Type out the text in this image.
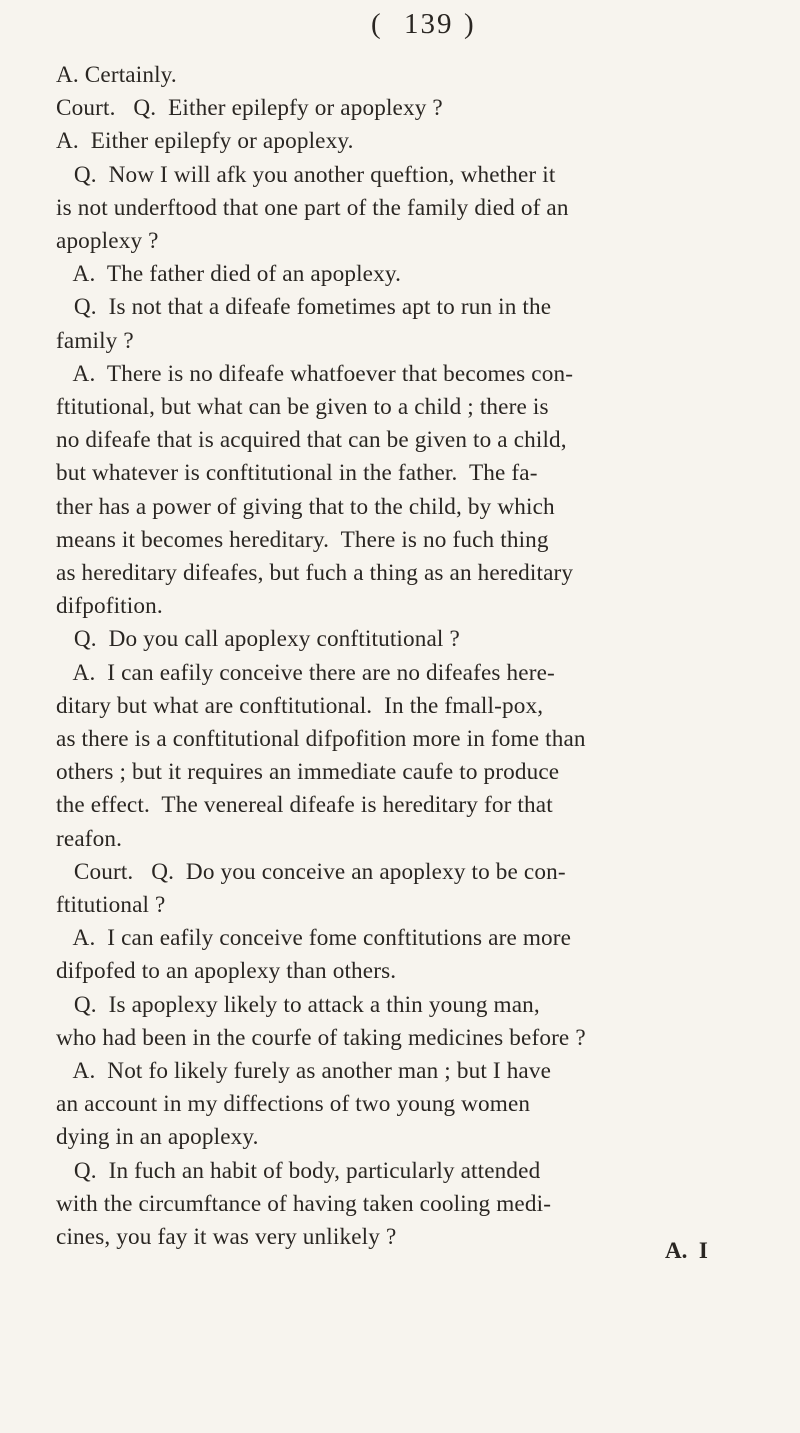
( 139 )
A. Certainly.
Court.   Q.  Either epilepfy or apoplexy ?
A.  Either epilepfy or apoplexy.
Q.  Now I will afk you another queftion, whether it
is not underftood that one part of the family died of an
apoplexy ?
A.  The father died of an apoplexy.
Q.  Is not that a difeafe fometimes apt to run in the
family ?
A.  There is no difeafe whatfoever that becomes con-
ftitutional, but what can be given to a child ; there is
no difeafe that is acquired that can be given to a child,
but whatever is conftitutional in the father.  The fa-
ther has a power of giving that to the child, by which
means it becomes hereditary.  There is no fuch thing
as hereditary difeafes, but fuch a thing as an hereditary
difpofition.
Q.  Do you call apoplexy conftitutional ?
A.  I can eafily conceive there are no difeafes here-
ditary but what are conftitutional.  In the fmall-pox,
as there is a conftitutional difpofition more in fome than
others ; but it requires an immediate caufe to produce
the effect.  The venereal difeafe is hereditary for that
reafon.
Court.   Q.  Do you conceive an apoplexy to be con-
ftitutional ?
A.  I can eafily conceive fome conftitutions are more
difpofed to an apoplexy than others.
Q.  Is apoplexy likely to attack a thin young man,
who had been in the courfe of taking medicines before ?
A.  Not fo likely furely as another man ; but I have
an account in my diffections of two young women
dying in an apoplexy.
Q.  In fuch an habit of body, particularly attended
with the circumftance of having taken cooling medi-
cines, you fay it was very unlikely ?
A.  I
